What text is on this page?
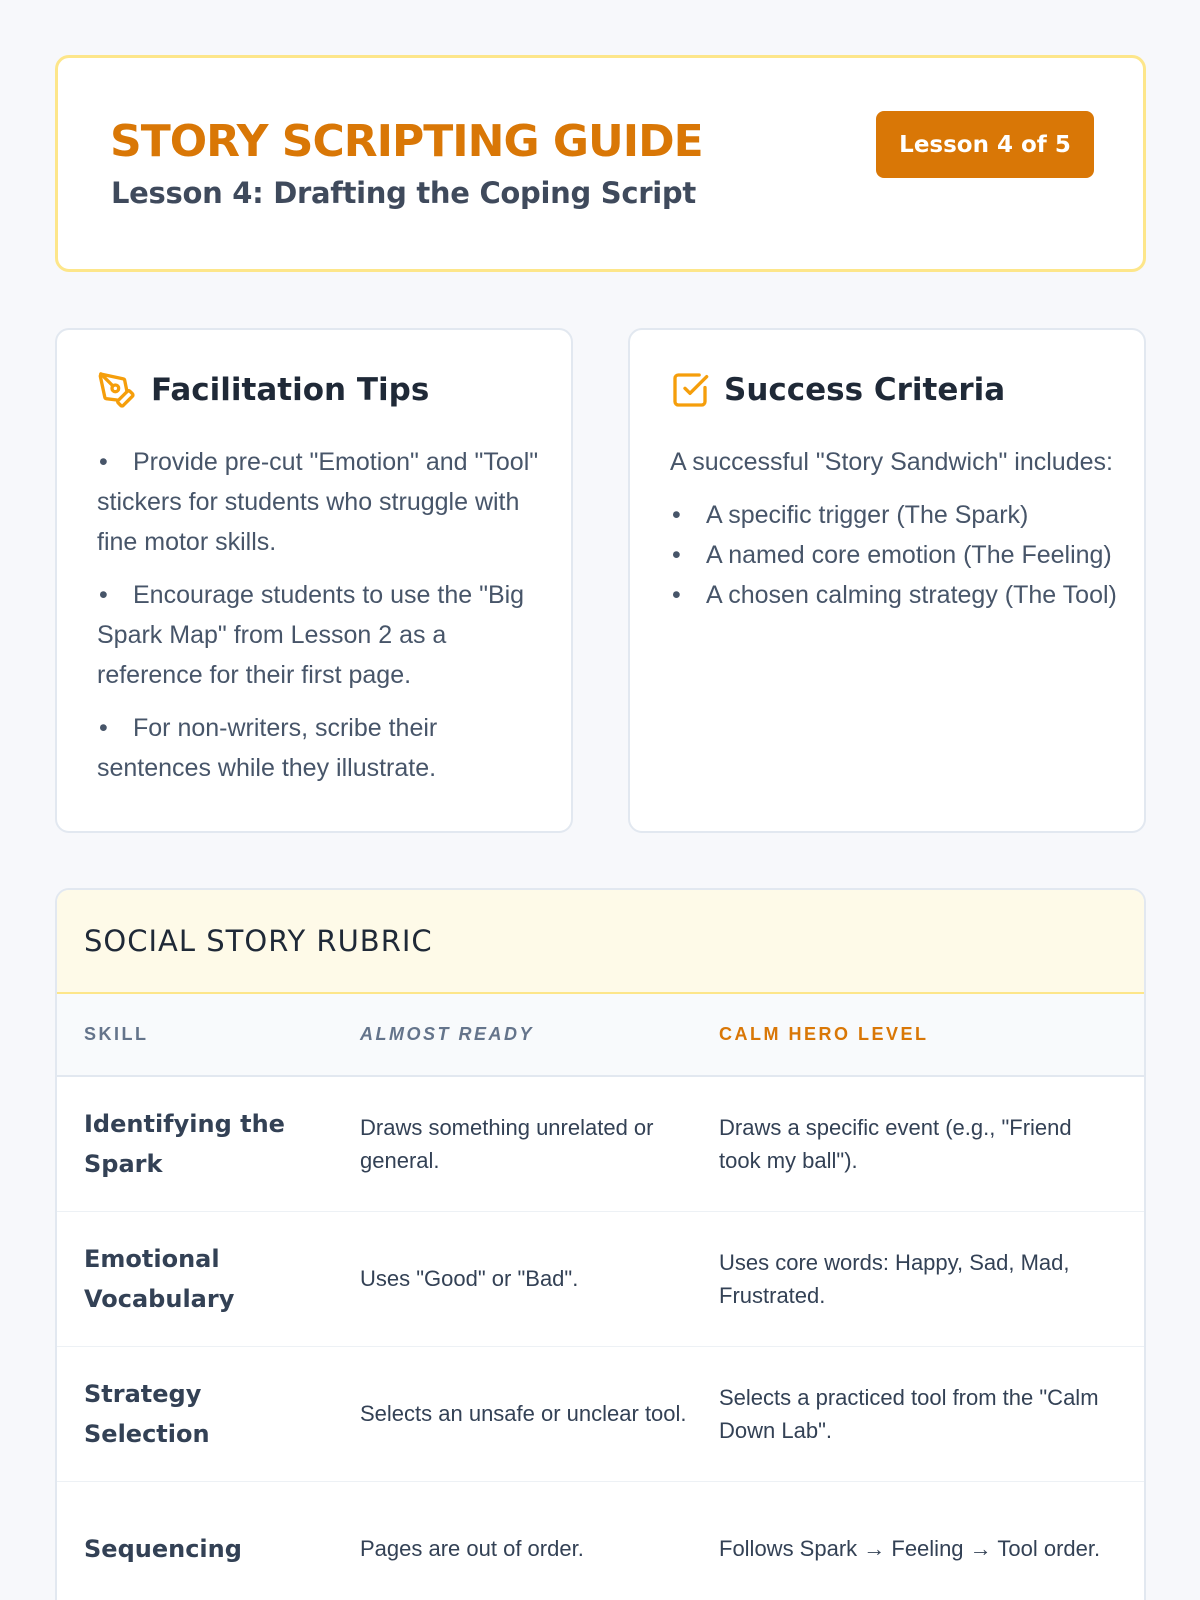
STORY SCRIPTING GUIDE
Lesson 4: Drafting the Coping Script
Lesson 4 of 5
Facilitation Tips
• Provide pre-cut "Emotion" and "Tool" stickers for students who struggle with fine motor skills.
• Encourage students to use the "Big Spark Map" from Lesson 2 as a reference for their first page.
• For non-writers, scribe their sentences while they illustrate.
Success Criteria
A successful "Story Sandwich" includes:
• A specific trigger (The Spark)
• A named core emotion (The Feeling)
• A chosen calming strategy (The Tool)
SOCIAL STORY RUBRIC
SKILL	ALMOST READY	CALM HERO LEVEL
Identifying the Spark	Draws something unrelated or general.	Draws a specific event (e.g., "Friend took my ball").
Emotional Vocabulary	Uses "Good" or "Bad".	Uses core words: Happy, Sad, Mad, Frustrated.
Strategy Selection	Selects an unsafe or unclear tool.	Selects a practiced tool from the "Calm Down Lab".
Sequencing	Pages are out of order.	Follows Spark → Feeling → Tool order.
